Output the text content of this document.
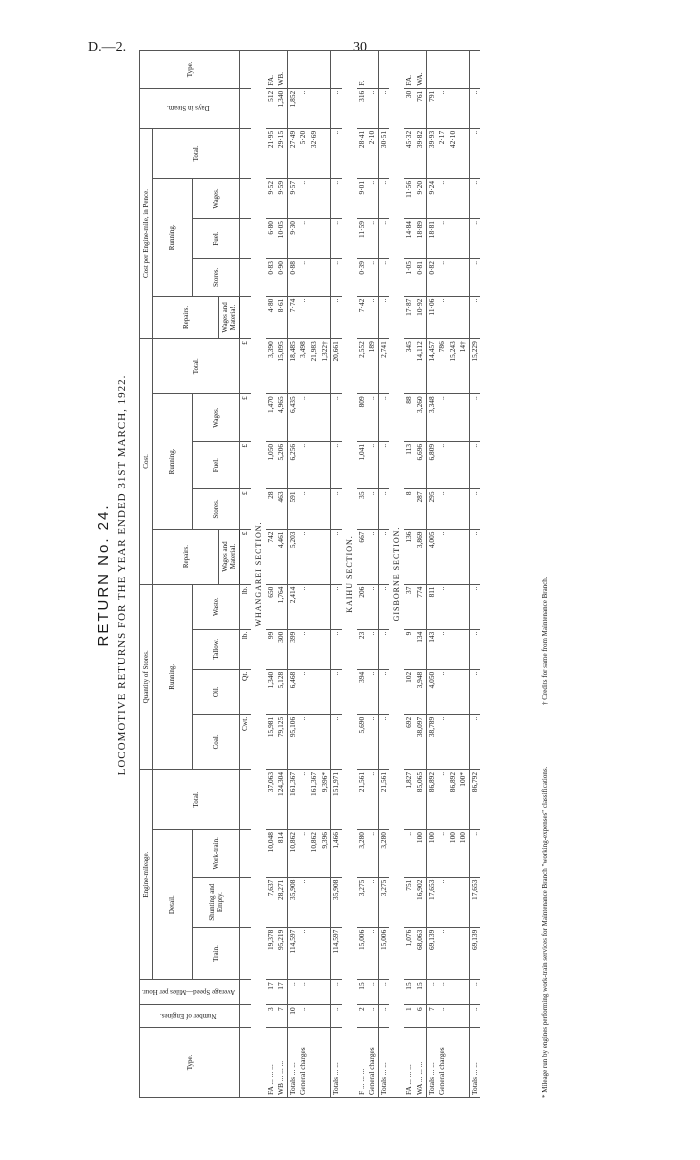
D.—2.	30
RETURN No. 24. LOCOMOTIVE RETURNS FOR THE YEAR ENDED 31ST MARCH, 1922.
Type.	Number of Engines.	Average Speed—Miles per Hour.	Engine-mileage.				Quantity of Stores.				Cost.					Cost per Engine-mile, in Pence.					Days in Steam.	Type.
			Detail.			Total.	Running.				Repairs.	Running.			Total.	Repairs.	Running.			Total.		
			Train.	Shunting and Empty.	Work-train.		Coal.	Oil.	Tallow.	Waste.		Stores.	Fuel.	Wages.			Stores.	Fuel.	Wages.			
											Wages and Material.					Wages and Materia!.						
							Cwt.	Qt.	lb.	lb.	£	£	£	£	£							
WHANGAREI SECTION.																						
FA ... ... ...	3	17	19,378	7,637	10,048	37,063	15,981	1,340	99	650	742	28	1,050	1,470	3,390	4·80	0·83	6·80	9·52	21·95	512	FA.
WB ... ... ...	7	17	95,219	28,271	814	124,304	79,125	5,128	300	1,764	4,461	463	5,206	4,965	15,095	8·61	0·90	10·05	9·59	29·15	1,340	WB.
Totals ... ...	10	..	114,597	35,908	10,862	161,367	95,106	6,468	399	2,414	5,203	591	6,256	6,435	18,485	7·74	0·88	9·30	9·57	27·49	1,852	
General charges	..	..	..	..	..	..	..	..	..	..	..	..	..	..	3,498	..	..	..	..	5·20	..	
					10,862	161,367									21,983					32·69		
					9,396	9,396*									1,322†							
Totals ... ...	..	..	114,597	35,908	1,466	151,971	..	..	..	..	..	..	..	..	20,661	..	..	..	..	..	..	
KAIHU SECTION.																						
F ... ... ...	2	15	15,006	3,275	3,280	21,561	5,690	394	23	206	667	35	1,041	809	2,552	7·42	0·39	11·59	9·01	28·41	316	F.
General charges	..	..	..	..	..	..	..	..	..	..	..	..	..	..	189	..	..	..	..	2·10	..	
Totals ... ...	..	..	15,006	3,275	3,280	21,561	..	..	..	..	..	..	..	..	2,741	..	..	..	..	30·51	..	
GISBORNE SECTION.																						
FA ... ... ...	1	15	1,076	751	..	1,827	692	102	9	37	136	8	113	88	345	17·87	1·05	14·84	11·56	45·32	30	FA.
WA ... ... ...	6	15	68,063	16,902	100	85,065	38,097	3,948	134	774	3,869	287	6,696	3,260	14,112	10·92	0·81	18·89	9·20	39·82	761	WA.
Totals ... ...	7	..	69,139	17,653	100	86,892	38,789	4,050	143	811	4,005	295	6,809	3,348	14,457	11·06	0·82	18·81	9·24	39·93	791	
General charges	..	..	..	..	..	..	..	..	..	..	..	..	..	..	786	..	..	..	..	2·17	..	
					100	86,892									15,243					42·10		
					100	100*									14†							
Totals ... ...	..	..	69,139	17,653	..	86,792	..	..	..	..	..	..	..	..	15,229	..	..	..	..	..	..	
* Mileage run by engines performing work-train services for Maintenance Branch "working-expenses" classifications. † Credits for same from Maintenance Branch.
